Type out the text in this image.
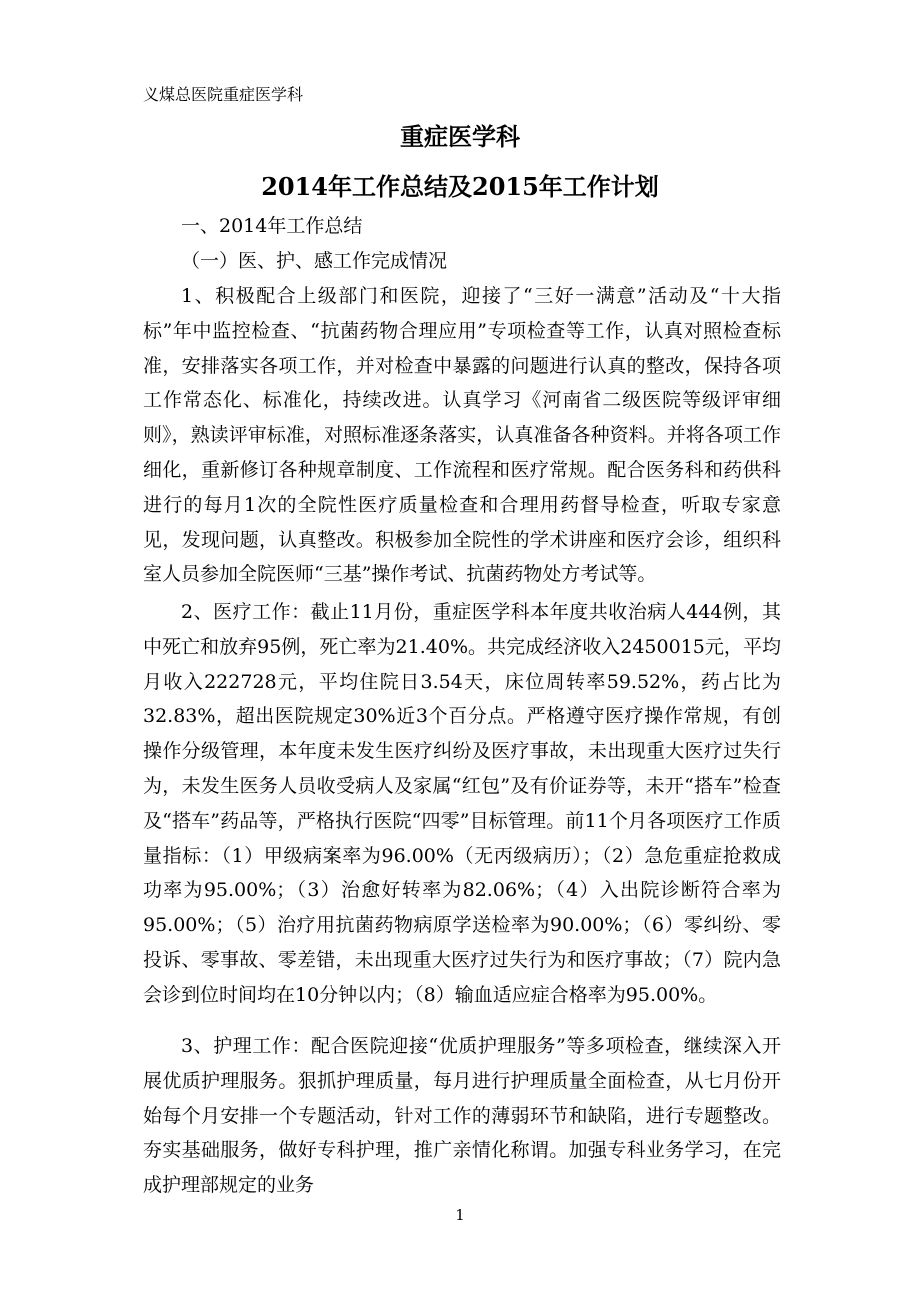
义煤总医院重症医学科
重症医学科
2014年工作总结及2015年工作计划

一、2014年工作总结

（一）医、护、感工作完成情况

1、积极配合上级部门和医院，迎接了“三好一满意”活动及“十大指标”年中监控检查、“抗菌药物合理应用”专项检查等工作，认真对照检查标准，安排落实各项工作，并对检查中暴露的问题进行认真的整改，保持各项工作常态化、标准化，持续改进。认真学习《河南省二级医院等级评审细则》，熟读评审标准，对照标准逐条落实，认真准备各种资料。并将各项工作细化，重新修订各种规章制度、工作流程和医疗常规。配合医务科和药供科进行的每月1次的全院性医疗质量检查和合理用药督导检查，听取专家意见，发现问题，认真整改。积极参加全院性的学术讲座和医疗会诊，组织科室人员参加全院医师“三基”操作考试、抗菌药物处方考试等。

2、医疗工作：截止11月份，重症医学科本年度共收治病人444例，其中死亡和放弃95例，死亡率为21.40%。共完成经济收入2450015元，平均月收入222728元，平均住院日3.54天，床位周转率59.52%，药占比为32.83%，超出医院规定30%近3个百分点。严格遵守医疗操作常规，有创操作分级管理，本年度未发生医疗纠纷及医疗事故，未出现重大医疗过失行为，未发生医务人员收受病人及家属“红包”及有价证券等，未开“搭车”检查及“搭车”药品等，严格执行医院“四零”目标管理。前11个月各项医疗工作质量指标：（1）甲级病案率为96.00%（无丙级病历）；（2）急危重症抢救成功率为95.00%；（3）治愈好转率为82.06%；（4）入出院诊断符合率为95.00%；（5）治疗用抗菌药物病原学送检率为90.00%；（6）零纠纷、零投诉、零事故、零差错，未出现重大医疗过失行为和医疗事故；（7）院内急会诊到位时间均在10分钟以内；（8）输血适应症合格率为95.00%。

3、护理工作：配合医院迎接“优质护理服务”等多项检查，继续深入开展优质护理服务。狠抓护理质量，每月进行护理质量全面检查，从七月份开始每个月安排一个专题活动，针对工作的薄弱环节和缺陷，进行专题整改。夯实基础服务，做好专科护理，推广亲情化称谓。加强专科业务学习，在完成护理部规定的业务

1
